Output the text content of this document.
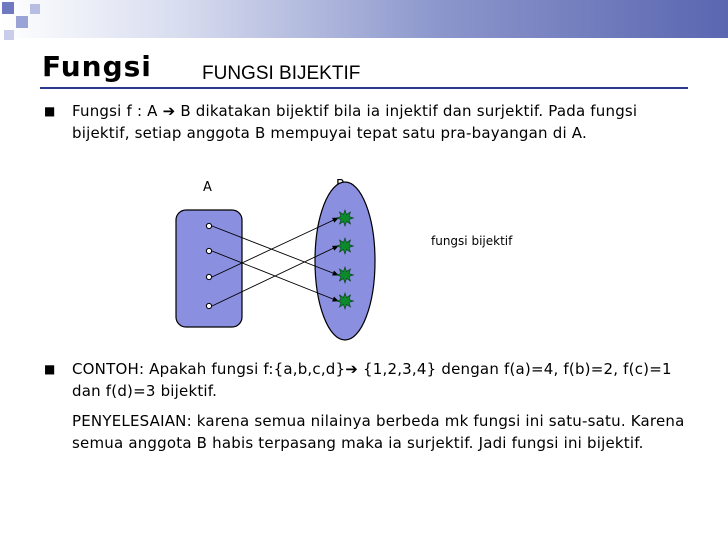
Fungsi	FUNGSI BIJEKTIF
■ Fungsi f : A ➔ B dikatakan bijektif bila ia injektif dan surjektif. Pada fungsi bijektif, setiap anggota B mempuyai tepat satu pra-bayangan di A.
A
fungsi bijektif
■ CONTOH: Apakah fungsi f:{a,b,c,d}➔ {1,2,3,4} dengan f(a)=4, f(b)=2, f(c)=1 dan f(d)=3 bijektif.
PENYELESAIAN: karena semua nilainya berbeda mk fungsi ini satu-satu. Karena semua anggota B habis terpasang maka ia surjektif. Jadi fungsi ini bijektif.
